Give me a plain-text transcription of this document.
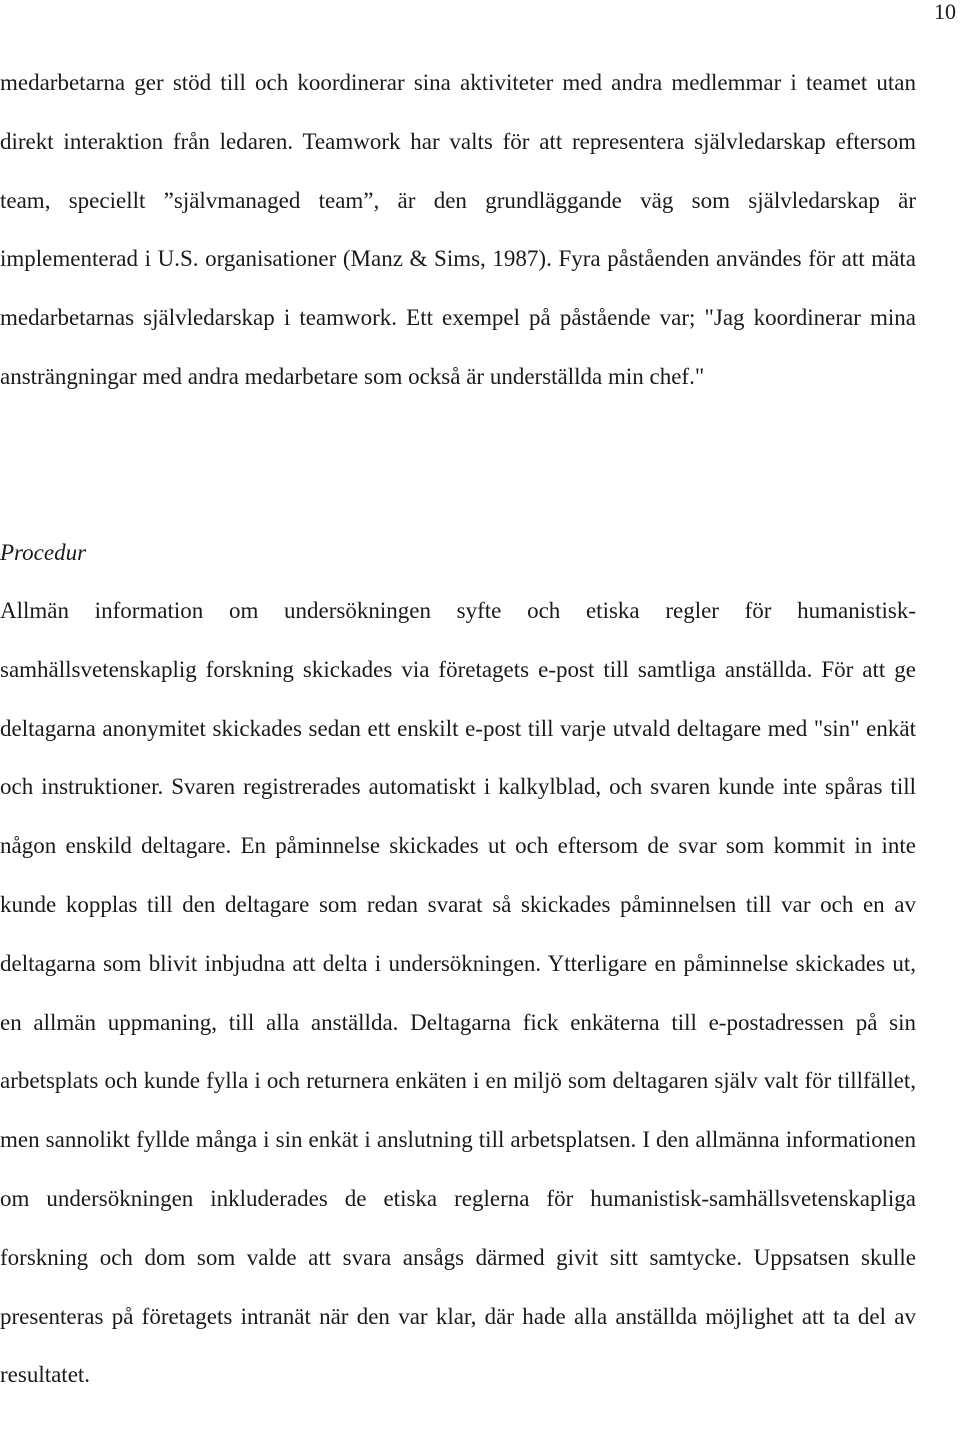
10

medarbetarna ger stöd till och koordinerar sina aktiviteter med andra medlemmar i teamet utan direkt interaktion från ledaren. Teamwork har valts för att representera självledarskap eftersom team, speciellt ”självmanaged team”, är den grundläggande väg som självledarskap är implementerad i U.S. organisationer (Manz & Sims, 1987). Fyra påståenden användes för att mäta medarbetarnas självledarskap i teamwork. Ett exempel på påstående var; "Jag koordinerar mina ansträngningar med andra medarbetare som också är underställda min chef."

Procedur

Allmän information om undersökningen syfte och etiska regler för humanistisk-samhällsvetenskaplig forskning skickades via företagets e-post till samtliga anställda. För att ge deltagarna anonymitet skickades sedan ett enskilt e-post till varje utvald deltagare med "sin" enkät och instruktioner. Svaren registrerades automatiskt i kalkylblad, och svaren kunde inte spåras till någon enskild deltagare. En påminnelse skickades ut och eftersom de svar som kommit in inte kunde kopplas till den deltagare som redan svarat så skickades påminnelsen till var och en av deltagarna som blivit inbjudna att delta i undersökningen. Ytterligare en påminnelse skickades ut, en allmän uppmaning, till alla anställda. Deltagarna fick enkäterna till e-postadressen på sin arbetsplats och kunde fylla i och returnera enkäten i en miljö som deltagaren själv valt för tillfället, men sannolikt fyllde många i sin enkät i anslutning till arbetsplatsen. I den allmänna informationen om undersökningen inkluderades de etiska reglerna för humanistisk-samhällsvetenskapliga forskning och dom som valde att svara ansågs därmed givit sitt samtycke. Uppsatsen skulle presenteras på företagets intranät när den var klar, där hade alla anställda möjlighet att ta del av resultatet.
